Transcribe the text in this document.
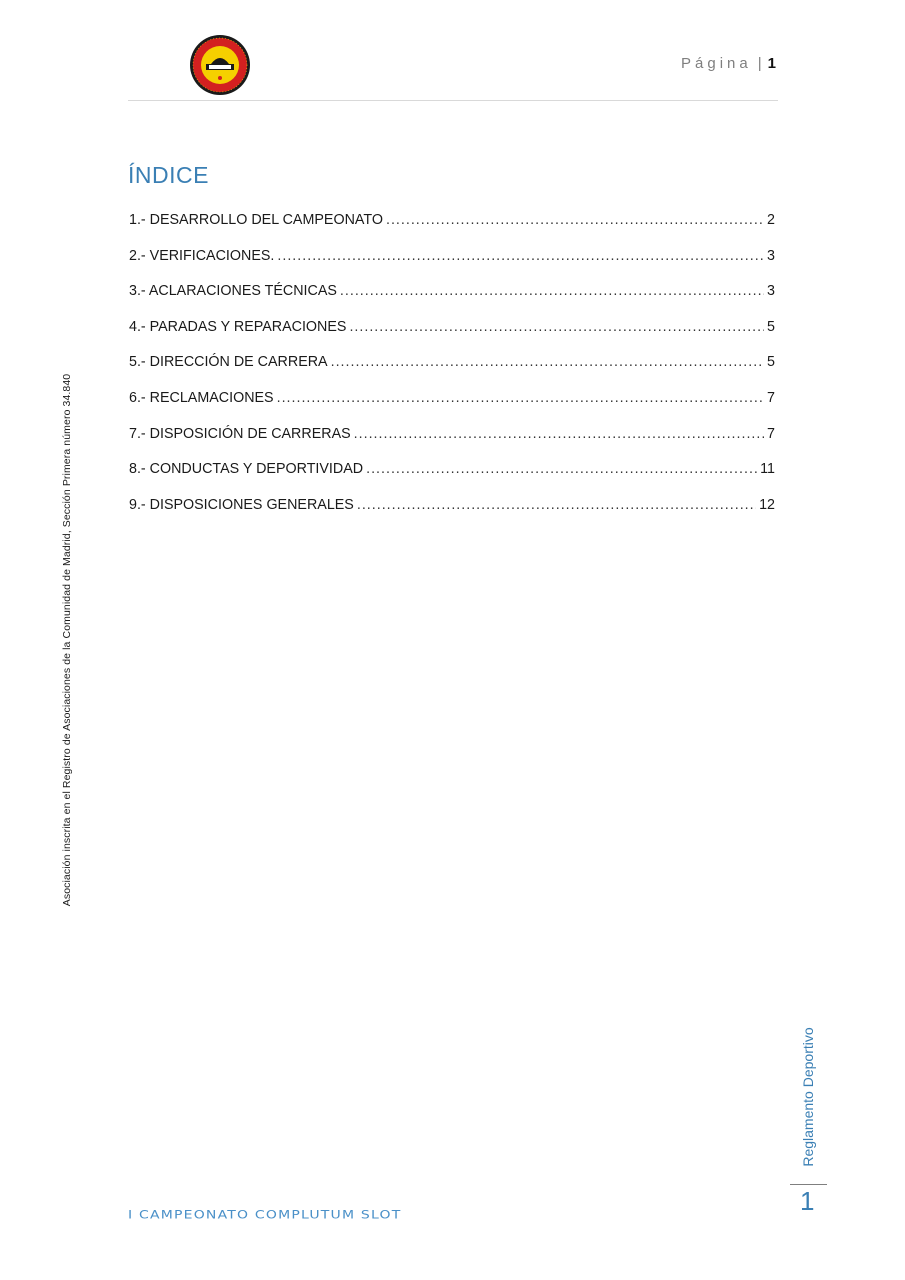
Página | 1
ÍNDICE
1.- DESARROLLO DEL CAMPEONATO .....	2
2.- VERIFICACIONES. .....	3
3.- ACLARACIONES TÉCNICAS .....	3
4.- PARADAS Y REPARACIONES .....	5
5.- DIRECCIÓN DE CARRERA .....	5
6.- RECLAMACIONES .....	7
7.- DISPOSICIÓN DE CARRERAS .....	7
8.- CONDUCTAS Y DEPORTIVIDAD .....	11
9.- DISPOSICIONES GENERALES .....	12
Asociación inscrita en el Registro de Asociaciones de la Comunidad de Madrid, Sección Primera número 34.840
Reglamento Deportivo
1
I CAMPEONATO COMPLUTUM SLOT
